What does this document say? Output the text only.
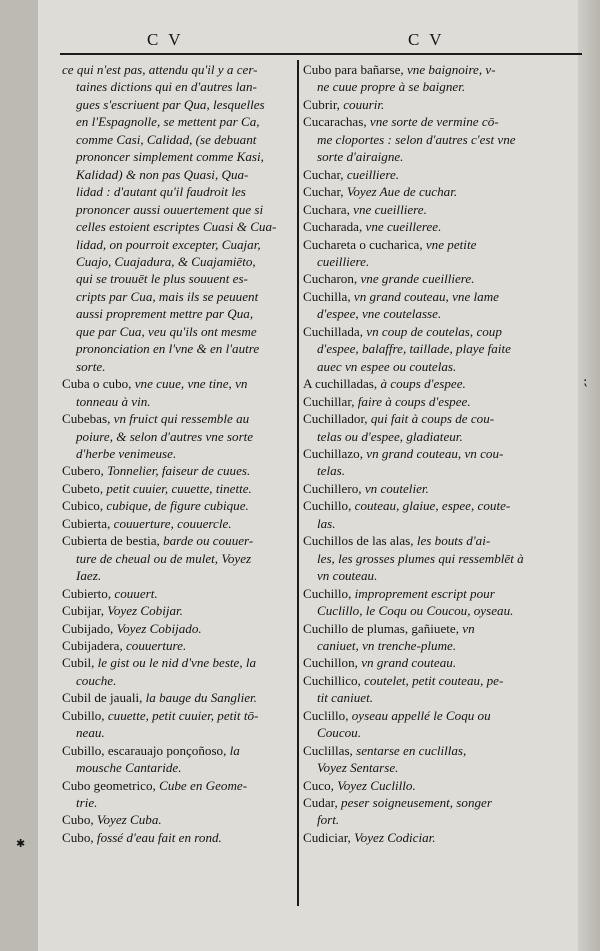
C V	C V
ce qui n'est pas, attendu qu'il y a cer-
taines dictions qui en d'autres lan-
gues s'escriuent par Qua, lesquelles
en l'Espagnolle, se mettent par Ca,
comme Casi, Calidad, (se debuant
prononcer simplement comme Kasi,
Kalidad) & non pas Quasi, Qua-
lidad : d'autant qu'il faudroit les
prononcer aussi ouuertement que si
celles estoient escriptes Cuasi & Cua-
lidad, on pourroit excepter, Cuajar,
Cuajo, Cuajadura, & Cuajamiēto,
qui se trouuēt le plus souuent es-
cripts par Cua, mais ils se peuuent
aussi proprement mettre par Qua,
que par Cua, veu qu'ils ont mesme
prononciation en l'vne & en l'autre
sorte.
Cuba o cubo, vne cuue, vne tine, vn
tonneau à vin.
Cubebas, vn fruict qui ressemble au
poiure, & selon d'autres vne sorte
d'herbe venimeuse.
Cubero, Tonnelier, faiseur de cuues.
Cubeto, petit cuuier, cuuette, tinette.
Cubico, cubique, de figure cubique.
Cubierta, couuerture, couuercle.
Cubierta de bestia, barde ou couuer-
ture de cheual ou de mulet, Voyez
Iaez.
Cubierto, couuert.
Cubijar, Voyez Cobijar.
Cubijado, Voyez Cobijado.
Cubijadera, couuerture.
Cubil, le gist ou le nid d'vne beste, la
couche.
Cubil de jauali, la bauge du Sanglier.
Cubillo, cuuette, petit cuuier, petit tō-
neau.
Cubillo, escarauajo ponçoñoso, la
mousche Cantaride.
Cubo geometrico, Cube en Geome-
trie.
Cubo, Voyez Cuba.
Cubo, fossé d'eau fait en rond.
Cubo para bañarse, vne baignoire, v-
ne cuue propre à se baigner.
Cubrir, couurir.
Cucarachas, vne sorte de vermine cō-
me cloportes : selon d'autres c'est vne
sorte d'airaigne.
Cuchar, cueilliere.
Cuchar, Voyez Aue de cuchar.
Cuchara, vne cueilliere.
Cucharada, vne cueilleree.
Cuchareta o cucharica, vne petite
cueilliere.
Cucharon, vne grande cueilliere.
Cuchilla, vn grand couteau, vne lame
d'espee, vne coutelasse.
Cuchillada, vn coup de coutelas, coup
d'espee, balaffre, taillade, playe faite
auec vn espee ou coutelas.
A cuchilladas, à coups d'espee.
Cuchillar, faire à coups d'espee.
Cuchillador, qui fait à coups de cou-
telas ou d'espee, gladiateur.
Cuchillazo, vn grand couteau, vn cou-
telas.
Cuchillero, vn coutelier.
Cuchillo, couteau, glaiue, espee, coute-
las.
Cuchillos de las alas, les bouts d'ai-
les, les grosses plumes qui ressemblēt à
vn couteau.
Cuchillo, improprement escript pour
Cuclillo, le Coqu ou Coucou, oyseau.
Cuchillo de plumas, gañiuete, vn
caniuet, vn trenche-plume.
Cuchillon, vn grand couteau.
Cuchillico, coutelet, petit couteau, pe-
tit caniuet.
Cuclillo, oyseau appellé le Coqu ou
Coucou.
Cuclillas, sentarse en cuclillas,
Voyez Sentarse.
Cuco, Voyez Cuclillo.
Cudar, peser soigneusement, songer
fort.
Cudiciar, Voyez Codiciar.
⁏
✱
